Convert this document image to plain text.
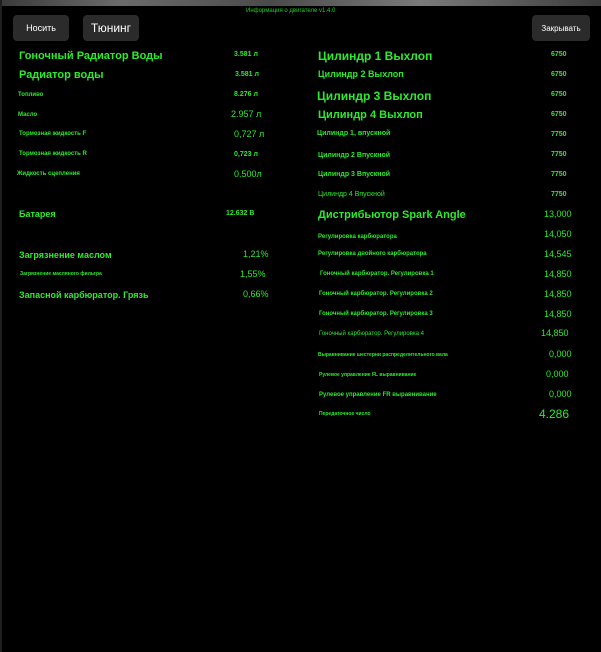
Носить	Тюнинг	Закрывать
Информация о двигателе v1.4.0
Гоночный Радиатор Воды	3.581 л
Радиатор воды	3.581 л
Топливо	8.276 л
Масло	2.957 л
Тормозная жидкость F	0,727 л
Тормозная жидкость R	0,723 л
Жидкость сцепления	0.500л
Батарея	12.632 В
Загрязнение маслом	1,21%
Загрязнение масляного фильтра	1,55%
Запасной карбюратор. Грязь	0,66%
Цилиндр 1 Выхлоп	6750
Цилиндр 2 Выхлоп	6750
Цилиндр 3 Выхлоп	6750
Цилиндр 4 Выхлоп	6750
Цилиндр 1, впускной	7750
Цилиндр 2 Впускной	7750
Цилиндр 3 Впускной	7750
Цилиндр 4 Впускной	7750
Дистрибьютор Spark Angle	13,000
Регулировка карбюратора	14,050
Регулировка двойного карбюратора	14,545
Гоночный карбюратор. Регулировка 1	14,850
Гоночный карбюратор. Регулировка 2	14,850
Гоночный карбюратор. Регулировка 3	14,850
Гоночный карбюратор. Регулировка 4	14,850
Выравнивание шестерни распределительного вала	0,000
Рулевое управление FL выравнивание	0,000
Рулевое управление FR выравнивание	0,000
Передаточное число	4.286
